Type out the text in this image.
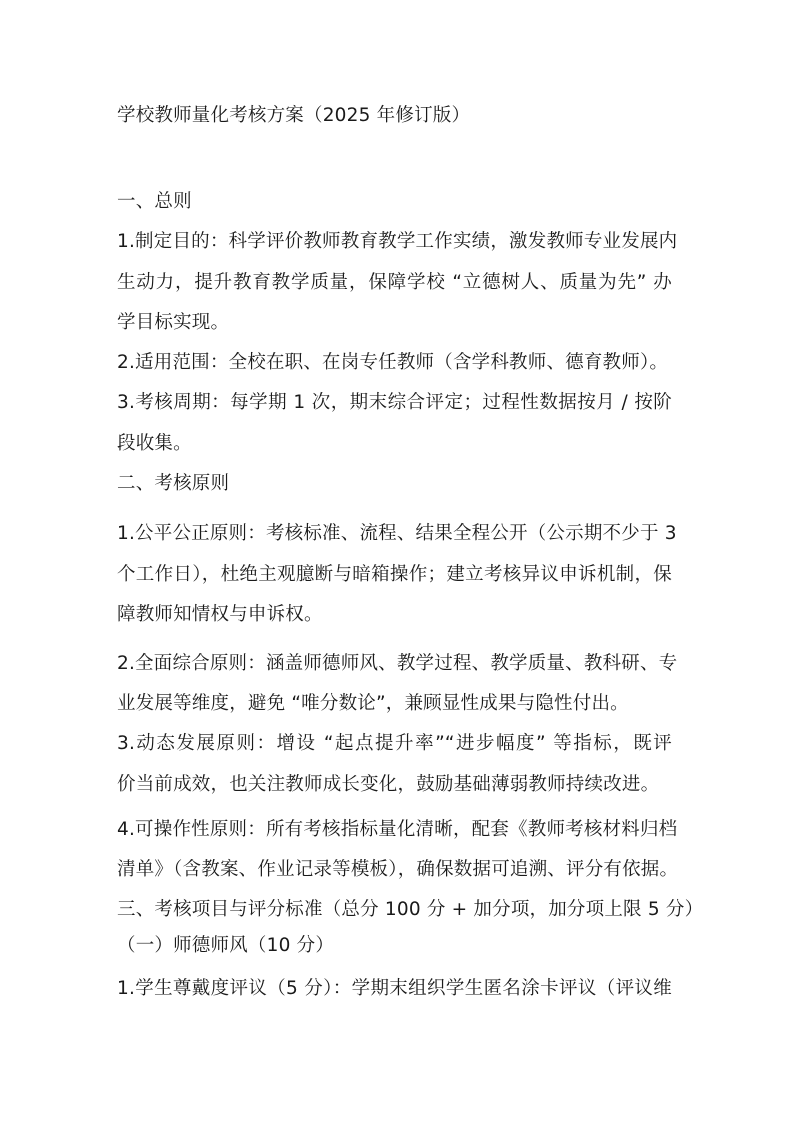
学校教师量化考核方案（2025 年修订版）
一、总则
1.制定目的：科学评价教师教育教学工作实绩，激发教师专业发展内
生动力，提升教育教学质量，保障学校 “立德树人、质量为先” 办
学目标实现。
2.适用范围：全校在职、在岗专任教师（含学科教师、德育教师）。
3.考核周期：每学期 1 次，期末综合评定；过程性数据按月 / 按阶
段收集。
二、考核原则
1.公平公正原则：考核标准、流程、结果全程公开（公示期不少于 3
个工作日），杜绝主观臆断与暗箱操作；建立考核异议申诉机制，保
障教师知情权与申诉权。
2.全面综合原则：涵盖师德师风、教学过程、教学质量、教科研、专
业发展等维度，避免 “唯分数论”，兼顾显性成果与隐性付出。
3.动态发展原则：增设 “起点提升率”“进步幅度” 等指标，既评
价当前成效，也关注教师成长变化，鼓励基础薄弱教师持续改进。
4.可操作性原则：所有考核指标量化清晰，配套《教师考核材料归档
清单》（含教案、作业记录等模板），确保数据可追溯、评分有依据。
三、考核项目与评分标准（总分 100 分 + 加分项，加分项上限 5 分）
（一）师德师风（10 分）
1.学生尊戴度评议（5 分）：学期末组织学生匿名涂卡评议（评议维
